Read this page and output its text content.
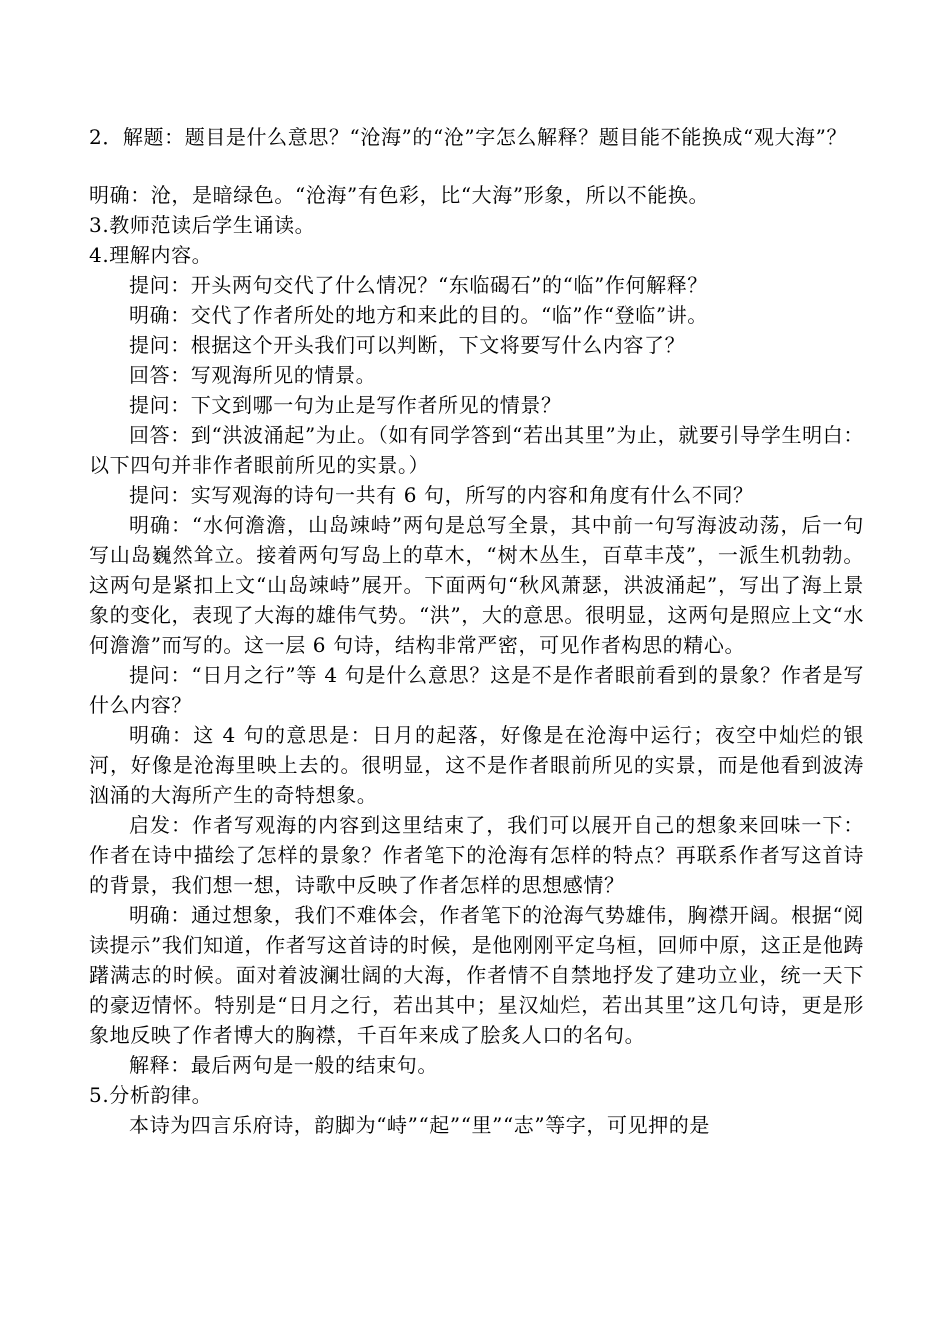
2．解题：题目是什么意思？“沧海”的“沧”字怎么解释？题目能不能换成“观大海”？

明确：沧，是暗绿色。“沧海”有色彩，比“大海”形象，所以不能换。

3.教师范读后学生诵读。

4.理解内容。

提问：开头两句交代了什么情况？“东临碣石”的“临”作何解释？

明确：交代了作者所处的地方和来此的目的。“临”作“登临”讲。

提问：根据这个开头我们可以判断，下文将要写什么内容了？

回答：写观海所见的情景。

提问：下文到哪一句为止是写作者所见的情景？

回答：到“洪波涌起”为止。（如有同学答到“若出其里”为止，就要引导学生明白：以下四句并非作者眼前所见的实景。）

提问：实写观海的诗句一共有 6 句，所写的内容和角度有什么不同？

明确：“水何澹澹，山岛竦峙”两句是总写全景，其中前一句写海波动荡，后一句写山岛巍然耸立。接着两句写岛上的草木，“树木丛生，百草丰茂”，一派生机勃勃。这两句是紧扣上文“山岛竦峙”展开。下面两句“秋风萧瑟，洪波涌起”，写出了海上景象的变化，表现了大海的雄伟气势。“洪”，大的意思。很明显，这两句是照应上文“水何澹澹”而写的。这一层 6 句诗，结构非常严密，可见作者构思的精心。

提问：“日月之行”等 4 句是什么意思？这是不是作者眼前看到的景象？作者是写什么内容？

明确：这 4 句的意思是：日月的起落，好像是在沧海中运行；夜空中灿烂的银河，好像是沧海里映上去的。很明显，这不是作者眼前所见的实景，而是他看到波涛汹涌的大海所产生的奇特想象。

启发：作者写观海的内容到这里结束了，我们可以展开自己的想象来回味一下：作者在诗中描绘了怎样的景象？作者笔下的沧海有怎样的特点？再联系作者写这首诗的背景，我们想一想，诗歌中反映了作者怎样的思想感情？

明确：通过想象，我们不难体会，作者笔下的沧海气势雄伟，胸襟开阔。根据“阅读提示”我们知道，作者写这首诗的时候，是他刚刚平定乌桓，回师中原，这正是他踌躇满志的时候。面对着波澜壮阔的大海，作者情不自禁地抒发了建功立业，统一天下的豪迈情怀。特别是“日月之行，若出其中；星汉灿烂，若出其里”这几句诗，更是形象地反映了作者博大的胸襟，千百年来成了脍炙人口的名句。

解释：最后两句是一般的结束句。

5.分析韵律。

本诗为四言乐府诗，韵脚为“峙”“起”“里”“志”等字，可见押的是
